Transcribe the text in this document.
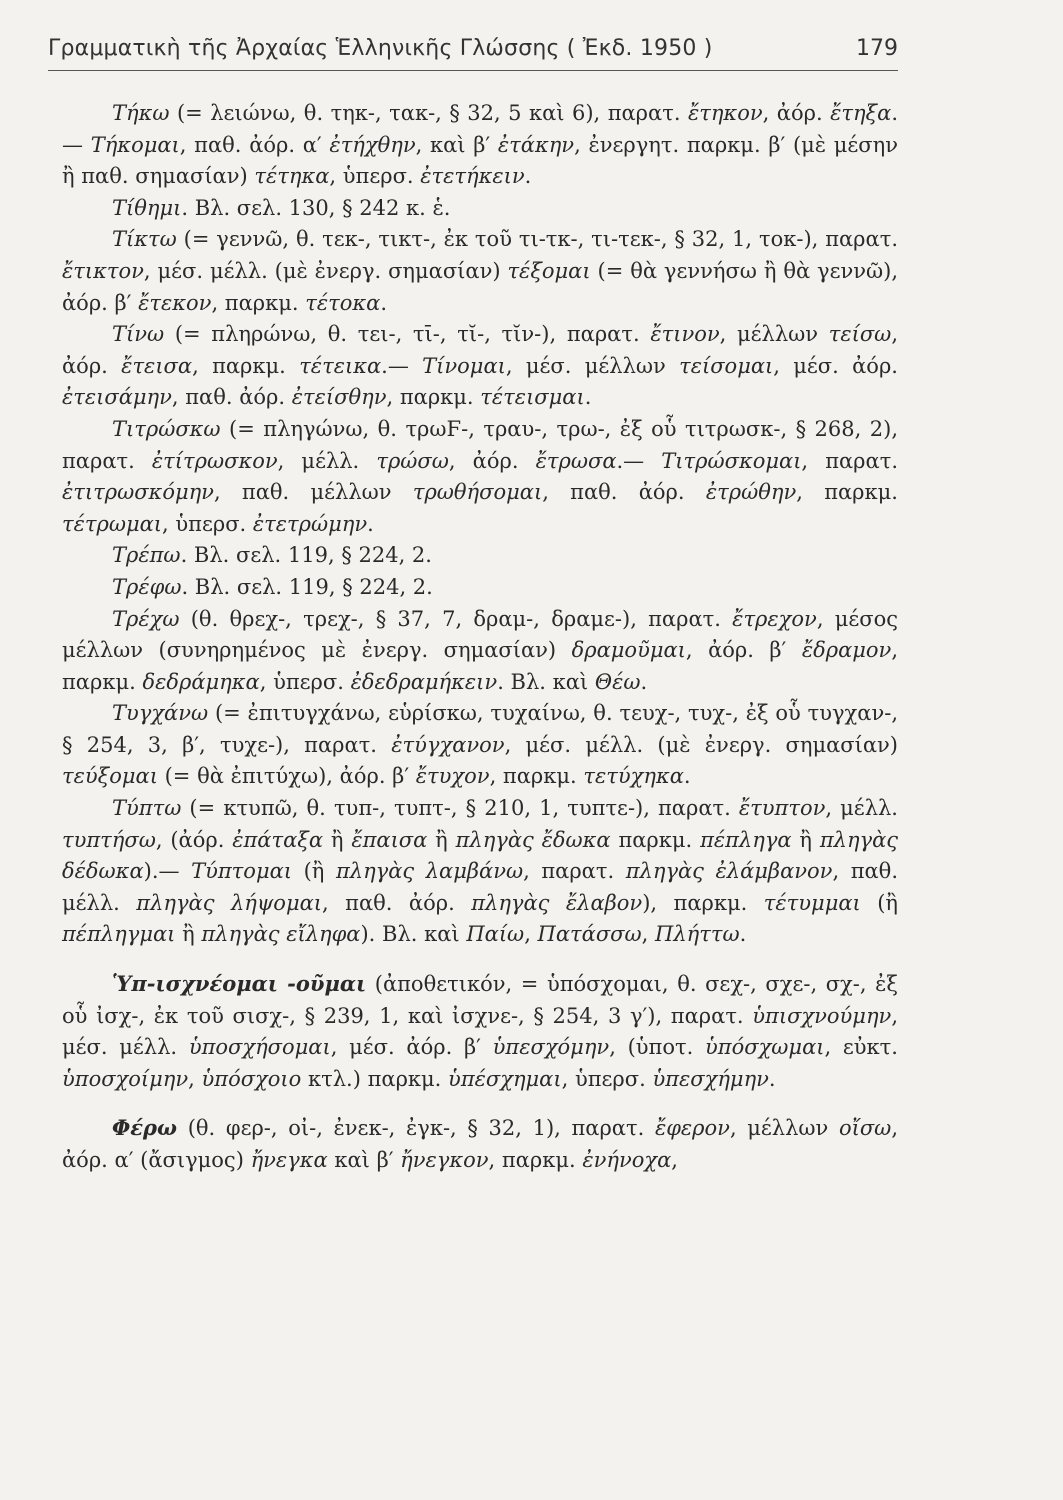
Γραμματικὴ τῆς Ἀρχαίας Ἑλληνικῆς Γλώσσης ( Ἐκδ. 1950 )	179

Τήκω (= λειώνω, θ. τηκ-, τακ-, § 32, 5 καὶ 6), παρατ. ἔτηκον, ἀόρ. ἔτηξα.— Τήκομαι, παθ. ἀόρ. α′ ἐτήχθην, καὶ β′ ἐτάκην, ἐνεργητ. παρκμ. β′ (μὲ μέσην ἢ παθ. σημασίαν) τέτηκα, ὑπερσ. ἐτετήκειν.

Τίθημι. Βλ. σελ. 130, § 242 κ. ἑ.

Τίκτω (= γεννῶ, θ. τεκ-, τικτ-, ἐκ τοῦ τι-τκ-, τι-τεκ-, § 32, 1, τοκ-), παρατ. ἔτικτον, μέσ. μέλλ. (μὲ ἐνεργ. σημασίαν) τέξομαι (= θὰ γεννήσω ἢ θὰ γεννῶ), ἀόρ. β′ ἔτεκον, παρκμ. τέτοκα.

Τίνω (= πληρώνω, θ. τει-, τῑ-, τῐ-, τῐν-), παρατ. ἔτινον, μέλλων τείσω, ἀόρ. ἔτεισα, παρκμ. τέτεικα.— Τίνομαι, μέσ. μέλλων τείσομαι, μέσ. ἀόρ. ἐτεισάμην, παθ. ἀόρ. ἐτείσθην, παρκμ. τέτεισμαι.

Τιτρώσκω (= πληγώνω, θ. τρωϜ-, τραυ-, τρω-, ἐξ οὗ τιτρωσκ-, § 268, 2), παρατ. ἐτίτρωσκον, μέλλ. τρώσω, ἀόρ. ἔτρωσα.— Τιτρώσκομαι, παρατ. ἐτιτρωσκόμην, παθ. μέλλων τρωθήσομαι, παθ. ἀόρ. ἐτρώθην, παρκμ. τέτρωμαι, ὑπερσ. ἐτετρώμην.

Τρέπω. Βλ. σελ. 119, § 224, 2.

Τρέφω. Βλ. σελ. 119, § 224, 2.

Τρέχω (θ. θρεχ-, τρεχ-, § 37, 7, δραμ-, δραμε-), παρατ. ἔτρεχον, μέσος μέλλων (συνηρημένος μὲ ἐνεργ. σημασίαν) δραμοῦμαι, ἀόρ. β′ ἔδραμον, παρκμ. δεδράμηκα, ὑπερσ. ἐδεδραμήκειν. Βλ. καὶ Θέω.

Τυγχάνω (= ἐπιτυγχάνω, εὑρίσκω, τυχαίνω, θ. τευχ-, τυχ-, ἐξ οὗ τυγχαν-, § 254, 3, β′, τυχε-), παρατ. ἐτύγχανον, μέσ. μέλλ. (μὲ ἐνεργ. σημασίαν) τεύξομαι (= θὰ ἐπιτύχω), ἀόρ. β′ ἔτυχον, παρκμ. τετύχηκα.

Τύπτω (= κτυπῶ, θ. τυπ-, τυπτ-, § 210, 1, τυπτε-), παρατ. ἔτυπτον, μέλλ. τυπτήσω, (ἀόρ. ἐπάταξα ἢ ἔπαισα ἢ πληγὰς ἔδωκα παρκμ. πέπληγα ἢ πληγὰς δέδωκα).— Τύπτομαι (ἢ πληγὰς λαμβάνω, παρατ. πληγὰς ἐλάμβανον, παθ. μέλλ. πληγὰς λήψομαι, παθ. ἀόρ. πληγὰς ἔλαβον), παρκμ. τέτυμμαι (ἢ πέπληγμαι ἢ πληγὰς εἴληφα). Βλ. καὶ Παίω, Πατάσσω, Πλήττω.

Ὑπ-ισχνέομαι -οῦμαι (ἀποθετικόν, = ὑπόσχομαι, θ. σεχ-, σχε-, σχ-, ἐξ οὗ ἰσχ-, ἐκ τοῦ σισχ-, § 239, 1, καὶ ἰσχνε-, § 254, 3 γ′), παρατ. ὑπισχνούμην, μέσ. μέλλ. ὑποσχήσομαι, μέσ. ἀόρ. β′ ὑπεσχόμην, (ὑποτ. ὑπόσχωμαι, εὐκτ. ὑποσχοίμην, ὑπόσχοιο κτλ.) παρκμ. ὑπέσχημαι, ὑπερσ. ὑπεσχήμην.

Φέρω (θ. φερ-, οἰ-, ἐνεκ-, ἐγκ-, § 32, 1), παρατ. ἔφερον, μέλλων οἴσω, ἀόρ. α′ (ἄσιγμος) ἤνεγκα καὶ β′ ἤνεγκον, παρκμ. ἐνήνοχα,
